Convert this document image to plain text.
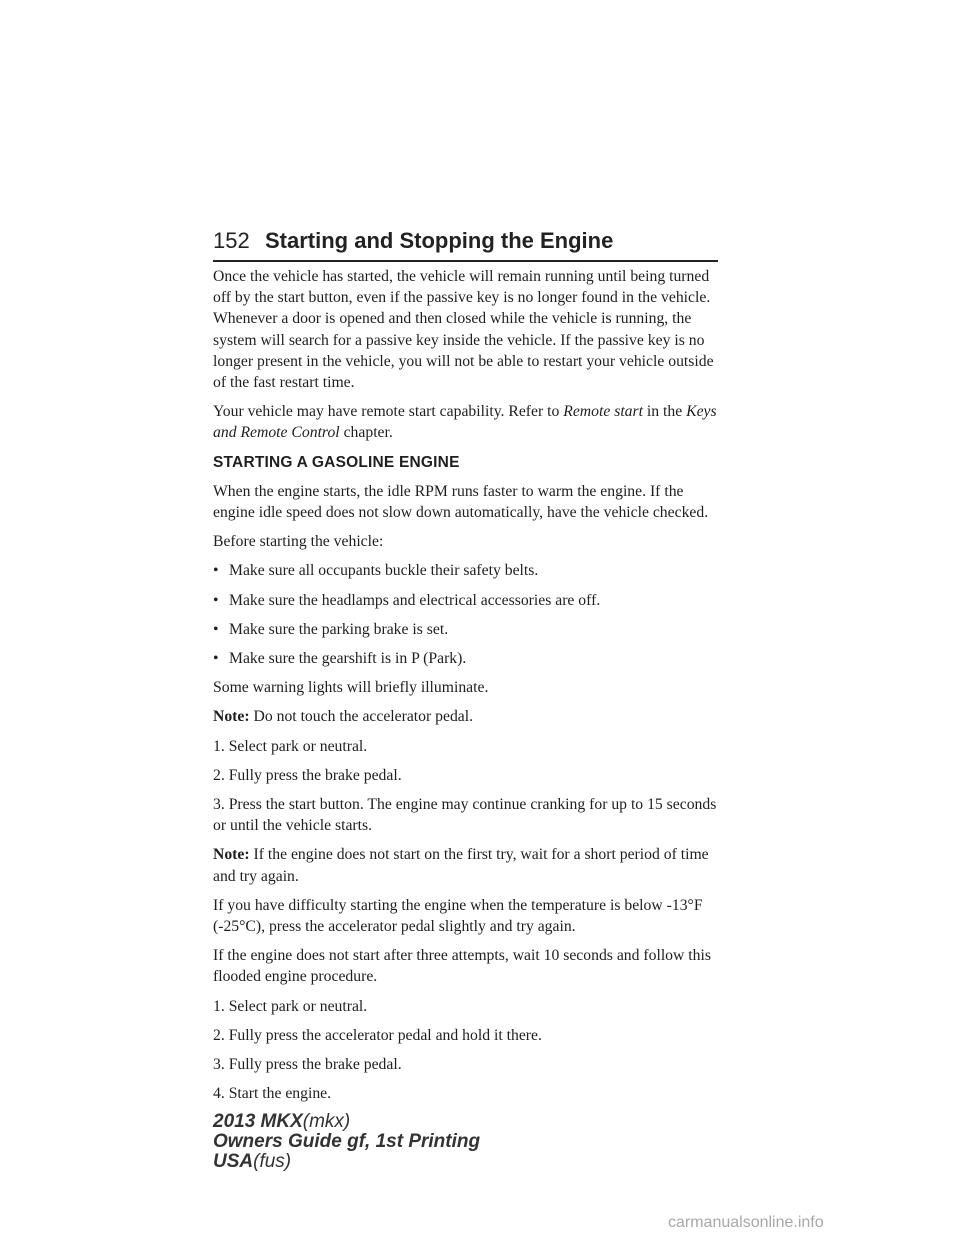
152 Starting and Stopping the Engine

Once the vehicle has started, the vehicle will remain running until being turned off by the start button, even if the passive key is no longer found in the vehicle. Whenever a door is opened and then closed while the vehicle is running, the system will search for a passive key inside the vehicle. If the passive key is no longer present in the vehicle, you will not be able to restart your vehicle outside of the fast restart time.

Your vehicle may have remote start capability. Refer to Remote start in the Keys and Remote Control chapter.

STARTING A GASOLINE ENGINE

When the engine starts, the idle RPM runs faster to warm the engine. If the engine idle speed does not slow down automatically, have the vehicle checked.

Before starting the vehicle:

• Make sure all occupants buckle their safety belts.
• Make sure the headlamps and electrical accessories are off.
• Make sure the parking brake is set.
• Make sure the gearshift is in P (Park).

Some warning lights will briefly illuminate.

Note: Do not touch the accelerator pedal.

1. Select park or neutral.

2. Fully press the brake pedal.

3. Press the start button. The engine may continue cranking for up to 15 seconds or until the vehicle starts.

Note: If the engine does not start on the first try, wait for a short period of time and try again.

If you have difficulty starting the engine when the temperature is below -13°F (-25°C), press the accelerator pedal slightly and try again.

If the engine does not start after three attempts, wait 10 seconds and follow this flooded engine procedure.

1. Select park or neutral.

2. Fully press the accelerator pedal and hold it there.

3. Fully press the brake pedal.

4. Start the engine.

2013 MKX(mkx)
Owners Guide gf, 1st Printing
USA(fus)
carmanualsonline.info
